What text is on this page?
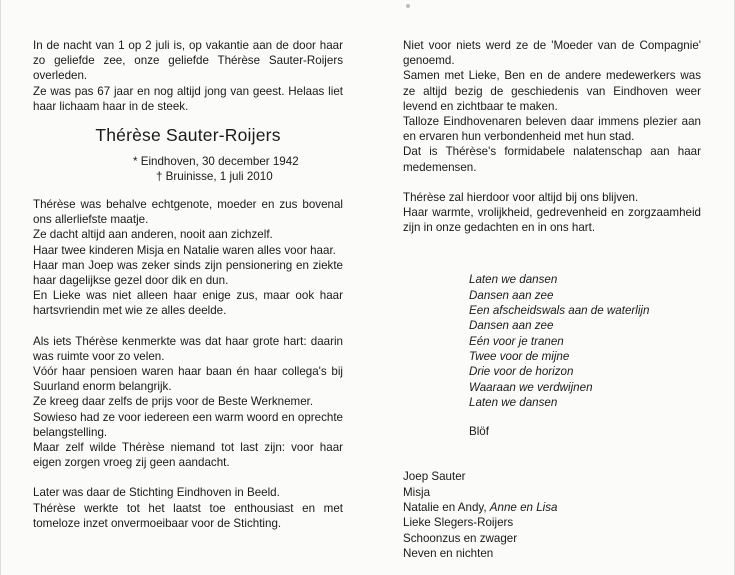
In de nacht van 1 op 2 juli is, op vakantie aan de door haar zo geliefde zee, onze geliefde Thérèse Sauter-Roijers overleden.

Ze was pas 67 jaar en nog altijd jong van geest. Helaas liet haar lichaam haar in de steek.

Thérèse Sauter-Roijers
* Eindhoven, 30 december 1942
† Bruinisse, 1 juli 2010

Thérèse was behalve echtgenote, moeder en zus bovenal ons allerliefste maatje.

Ze dacht altijd aan anderen, nooit aan zichzelf.

Haar twee kinderen Misja en Natalie waren alles voor haar.

Haar man Joep was zeker sinds zijn pensionering en ziekte haar dagelijkse gezel door dik en dun.

En Lieke was niet alleen haar enige zus, maar ook haar hartsvriendin met wie ze alles deelde.

Als iets Thérèse kenmerkte was dat haar grote hart: daarin was ruimte voor zo velen.

Vóór haar pensioen waren haar baan én haar collega's bij Suurland enorm belangrijk.

Ze kreeg daar zelfs de prijs voor de Beste Werknemer.

Sowieso had ze voor iedereen een warm woord en oprechte belangstelling.

Maar zelf wilde Thérèse niemand tot last zijn: voor haar eigen zorgen vroeg zij geen aandacht.

Later was daar de Stichting Eindhoven in Beeld.

Thérèse werkte tot het laatst toe enthousiast en met tomeloze inzet onvermoeibaar voor de Stichting.

Niet voor niets werd ze de 'Moeder van de Compagnie' genoemd.

Samen met Lieke, Ben en de andere medewerkers was ze altijd bezig de geschiedenis van Eindhoven weer levend en zichtbaar te maken.

Talloze Eindhovenaren beleven daar immens plezier aan en ervaren hun verbondenheid met hun stad.

Dat is Thérèse's formidabele nalatenschap aan haar medemensen.

Thérèse zal hierdoor voor altijd bij ons blijven.

Haar warmte, vrolijkheid, gedrevenheid en zorgzaamheid zijn in onze gedachten en in ons hart.

Laten we dansen
Dansen aan zee
Een afscheidswals aan de waterlijn
Dansen aan zee
Eén voor je tranen
Twee voor de mijne
Drie voor de horizon
Waaraan we verdwijnen
Laten we dansen
Blöf
Joep Sauter
Misja
Natalie en Andy, Anne en Lisa
Lieke Slegers-Roijers
Schoonzus en zwager
Neven en nichten
